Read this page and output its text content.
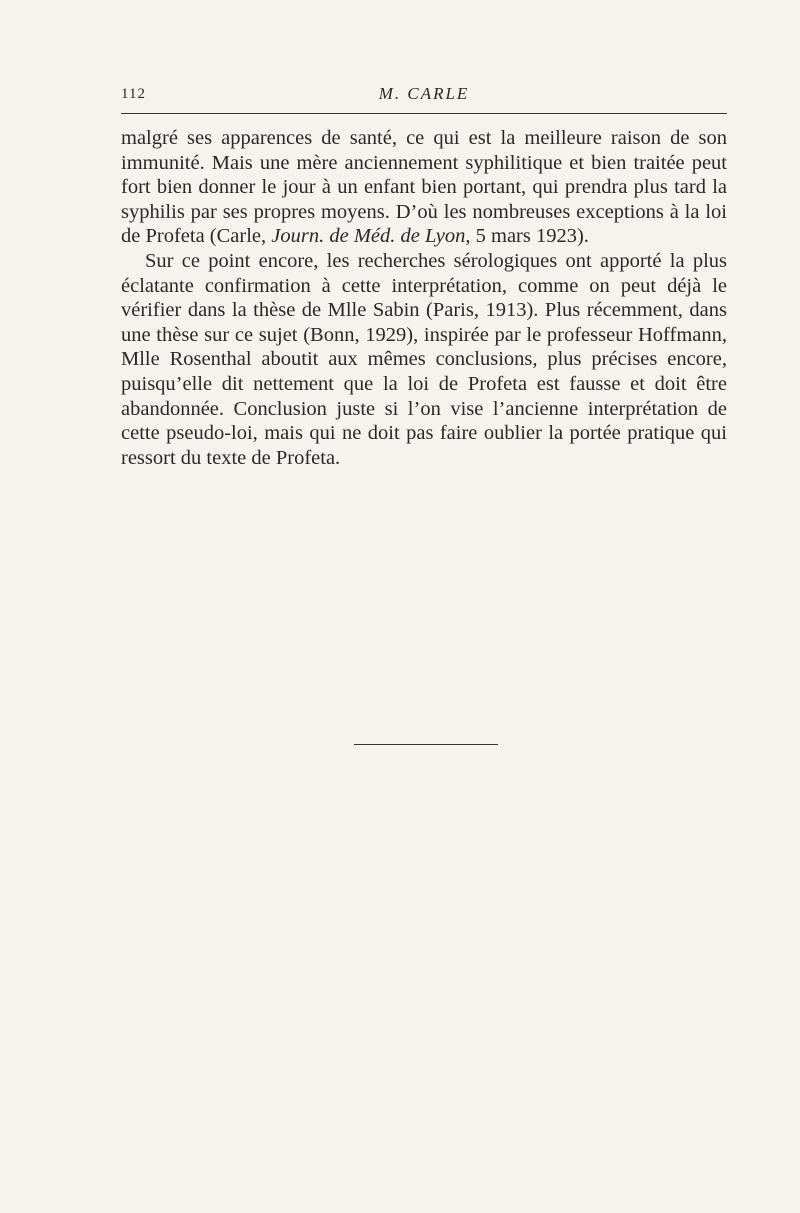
112	M. CARLE

malgré ses apparences de santé, ce qui est la meilleure raison de son immunité. Mais une mère anciennement syphilitique et bien traitée peut fort bien donner le jour à un enfant bien portant, qui prendra plus tard la syphilis par ses propres moyens. D’où les nombreuses exceptions à la loi de Profeta (Carle, Journ. de Méd. de Lyon, 5 mars 1923).

Sur ce point encore, les recherches sérologiques ont apporté la plus éclatante confirmation à cette interprétation, comme on peut déjà le vérifier dans la thèse de Mlle Sabin (Paris, 1913). Plus récemment, dans une thèse sur ce sujet (Bonn, 1929), inspirée par le professeur Hoffmann, Mlle Rosenthal aboutit aux mêmes conclusions, plus précises encore, puisqu’elle dit nettement que la loi de Profeta est fausse et doit être abandonnée. Conclusion juste si l’on vise l’ancienne interprétation de cette pseudo-loi, mais qui ne doit pas faire oublier la portée pratique qui ressort du texte de Profeta.
